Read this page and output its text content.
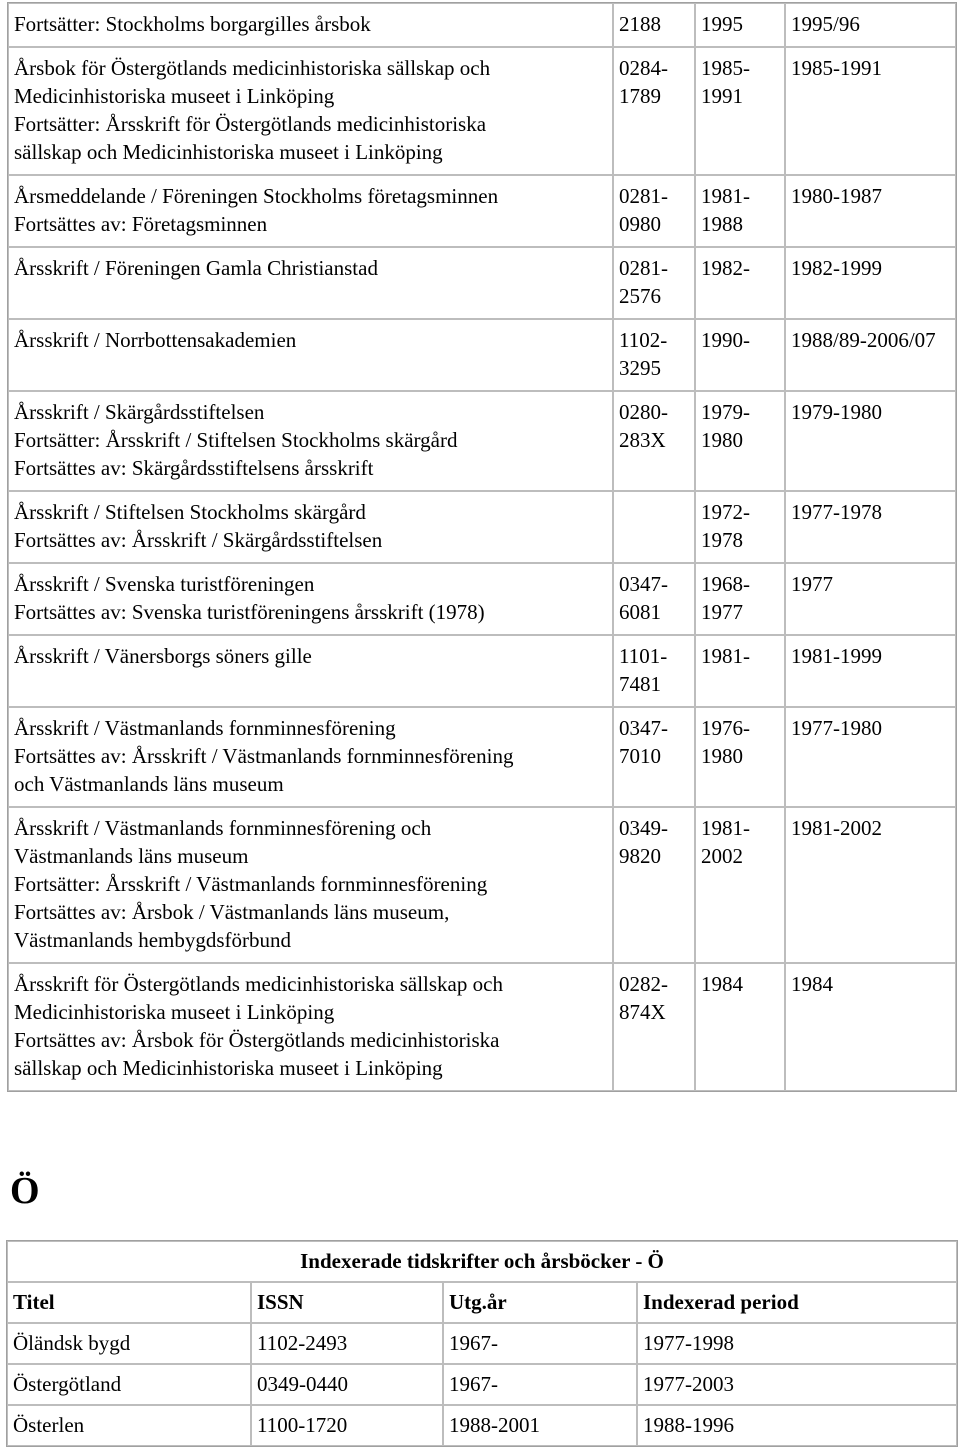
Fortsätter: Stockholms borgargilles årsbok	2188	1995	1995/96

Årsbok för Östergötlands medicinhistoriska sällskap och
Medicinhistoriska museet i Linköping
Fortsätter: Årsskrift för Östergötlands medicinhistoriska
sällskap och Medicinhistoriska museet i Linköping	0284-1789	1985-1991	1985-1991

Årsmeddelande / Föreningen Stockholms företagsminnen
Fortsättes av: Företagsminnen	0281-0980	1981-1988	1980-1987

Årsskrift / Föreningen Gamla Christianstad	0281-2576	1982-	1982-1999

Årsskrift / Norrbottensakademien	1102-3295	1990-	1988/89-2006/07

Årsskrift / Skärgårdsstiftelsen
Fortsätter: Årsskrift / Stiftelsen Stockholms skärgård
Fortsättes av: Skärgårdsstiftelsens årsskrift	0280-283X	1979-1980	1979-1980

Årsskrift / Stiftelsen Stockholms skärgård
Fortsättes av: Årsskrift / Skärgårdsstiftelsen		1972-1978	1977-1978

Årsskrift / Svenska turistföreningen
Fortsättes av: Svenska turistföreningens årsskrift (1978)	0347-6081	1968-1977	1977

Årsskrift / Vänersborgs söners gille	1101-7481	1981-	1981-1999

Årsskrift / Västmanlands fornminnesförening
Fortsättes av: Årsskrift / Västmanlands fornminnesförening
och Västmanlands läns museum	0347-7010	1976-1980	1977-1980

Årsskrift / Västmanlands fornminnesförening och
Västmanlands läns museum
Fortsätter: Årsskrift / Västmanlands fornminnesförening
Fortsättes av: Årsbok / Västmanlands läns museum,
Västmanlands hembygdsförbund	0349-9820	1981-2002	1981-2002

Årsskrift för Östergötlands medicinhistoriska sällskap och
Medicinhistoriska museet i Linköping
Fortsättes av: Årsbok för Östergötlands medicinhistoriska
sällskap och Medicinhistoriska museet i Linköping	0282-874X	1984	1984
Ö
Indexerade tidskrifter och årsböcker - Ö			
Titel	ISSN	Utg.år	Indexerad period
Öländsk bygd	1102-2493	1967-	1977-1998
Östergötland	0349-0440	1967-	1977-2003
Österlen	1100-1720	1988-2001	1988-1996
